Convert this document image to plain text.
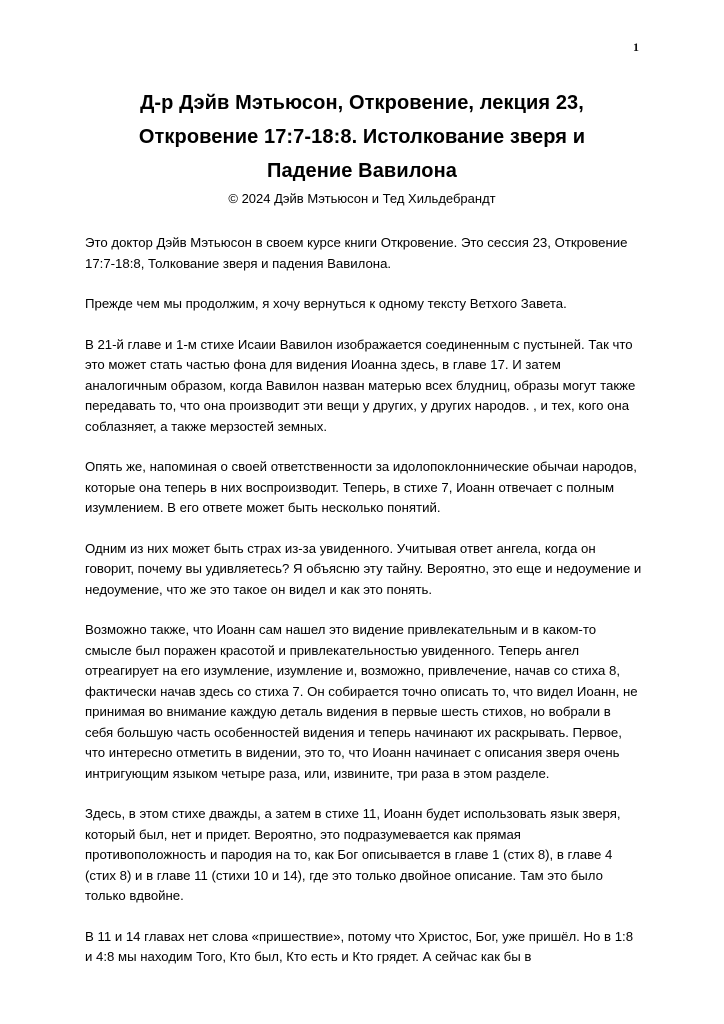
1
Д-р Дэйв Мэтьюсон, Откровение, лекция 23,
Откровение 17:7-18:8. Истолкование зверя и
Падение Вавилона
© 2024 Дэйв Мэтьюсон и Тед Хильдебрандт

Это доктор Дэйв Мэтьюсон в своем курсе книги Откровение. Это сессия 23, Откровение 17:7-18:8, Толкование зверя и падения Вавилона.

Прежде чем мы продолжим, я хочу вернуться к одному тексту Ветхого Завета.

В 21-й главе и 1-м стихе Исаии Вавилон изображается соединенным с пустыней. Так что это может стать частью фона для видения Иоанна здесь, в главе 17. И затем аналогичным образом, когда Вавилон назван матерью всех блудниц, образы могут также передавать то, что она производит эти вещи у других, у других народов. , и тех, кого она соблазняет, а также мерзостей земных.

Опять же, напоминая о своей ответственности за идолопоклоннические обычаи народов, которые она теперь в них воспроизводит. Теперь, в стихе 7, Иоанн отвечает с полным изумлением. В его ответе может быть несколько понятий.

Одним из них может быть страх из-за увиденного. Учитывая ответ ангела, когда он говорит, почему вы удивляетесь? Я объясню эту тайну. Вероятно, это еще и недоумение и недоумение, что же это такое он видел и как это понять.

Возможно также, что Иоанн сам нашел это видение привлекательным и в каком-то смысле был поражен красотой и привлекательностью увиденного. Теперь ангел отреагирует на его изумление, изумление и, возможно, привлечение, начав со стиха 8, фактически начав здесь со стиха 7. Он собирается точно описать то, что видел Иоанн, не принимая во внимание каждую деталь видения в первые шесть стихов, но вобрали в себя большую часть особенностей видения и теперь начинают их раскрывать. Первое, что интересно отметить в видении, это то, что Иоанн начинает с описания зверя очень интригующим языком четыре раза, или, извините, три раза в этом разделе.

Здесь, в этом стихе дважды, а затем в стихе 11, Иоанн будет использовать язык зверя, который был, нет и придет. Вероятно, это подразумевается как прямая противоположность и пародия на то, как Бог описывается в главе 1 (стих 8), в главе 4 (стих 8) и в главе 11 (стихи 10 и 14), где это только двойное описание. Там это было только вдвойне.

В 11 и 14 главах нет слова «пришествие», потому что Христос, Бог, уже пришёл. Но в 1:8 и 4:8 мы находим Того, Кто был, Кто есть и Кто грядет. А сейчас как бы в
